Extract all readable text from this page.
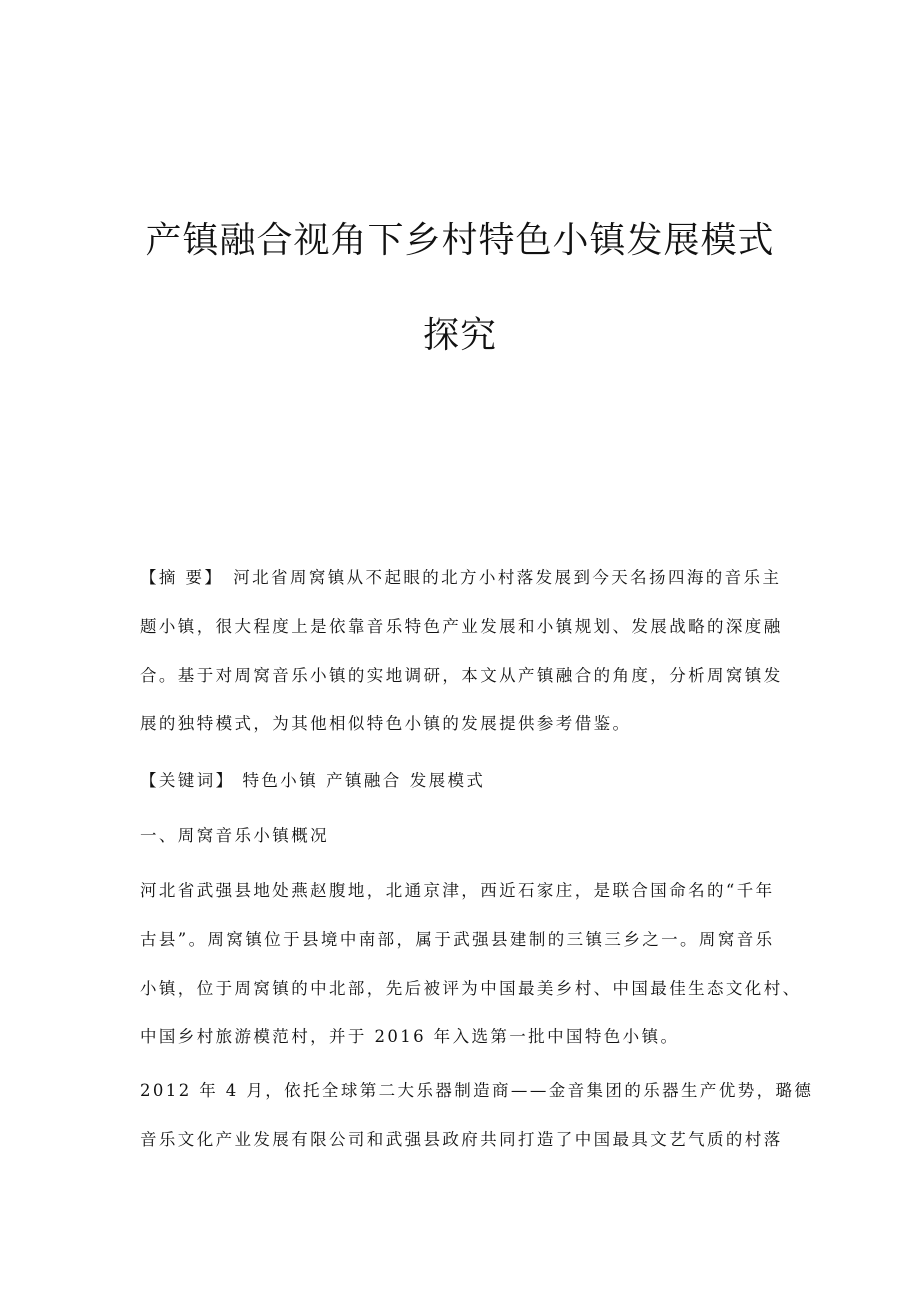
产镇融合视角下乡村特色小镇发展模式
探究
【摘 要】 河北省周窝镇从不起眼的北方小村落发展到今天名扬四海的音乐主
题小镇，很大程度上是依靠音乐特色产业发展和小镇规划、发展战略的深度融
合。基于对周窝音乐小镇的实地调研，本文从产镇融合的角度，分析周窝镇发
展的独特模式，为其他相似特色小镇的发展提供参考借鉴。
【关键词】 特色小镇 产镇融合 发展模式
一、周窝音乐小镇概况
河北省武强县地处燕赵腹地，北通京津，西近石家庄，是联合国命名的“千年
古县”。周窝镇位于县境中南部，属于武强县建制的三镇三乡之一。周窝音乐
小镇，位于周窝镇的中北部，先后被评为中国最美乡村、中国最佳生态文化村、
中国乡村旅游模范村，并于 2016 年入选第一批中国特色小镇。
2012 年 4 月，依托全球第二大乐器制造商——金音集团的乐器生产优势，璐德
音乐文化产业发展有限公司和武强县政府共同打造了中国最具文艺气质的村落
